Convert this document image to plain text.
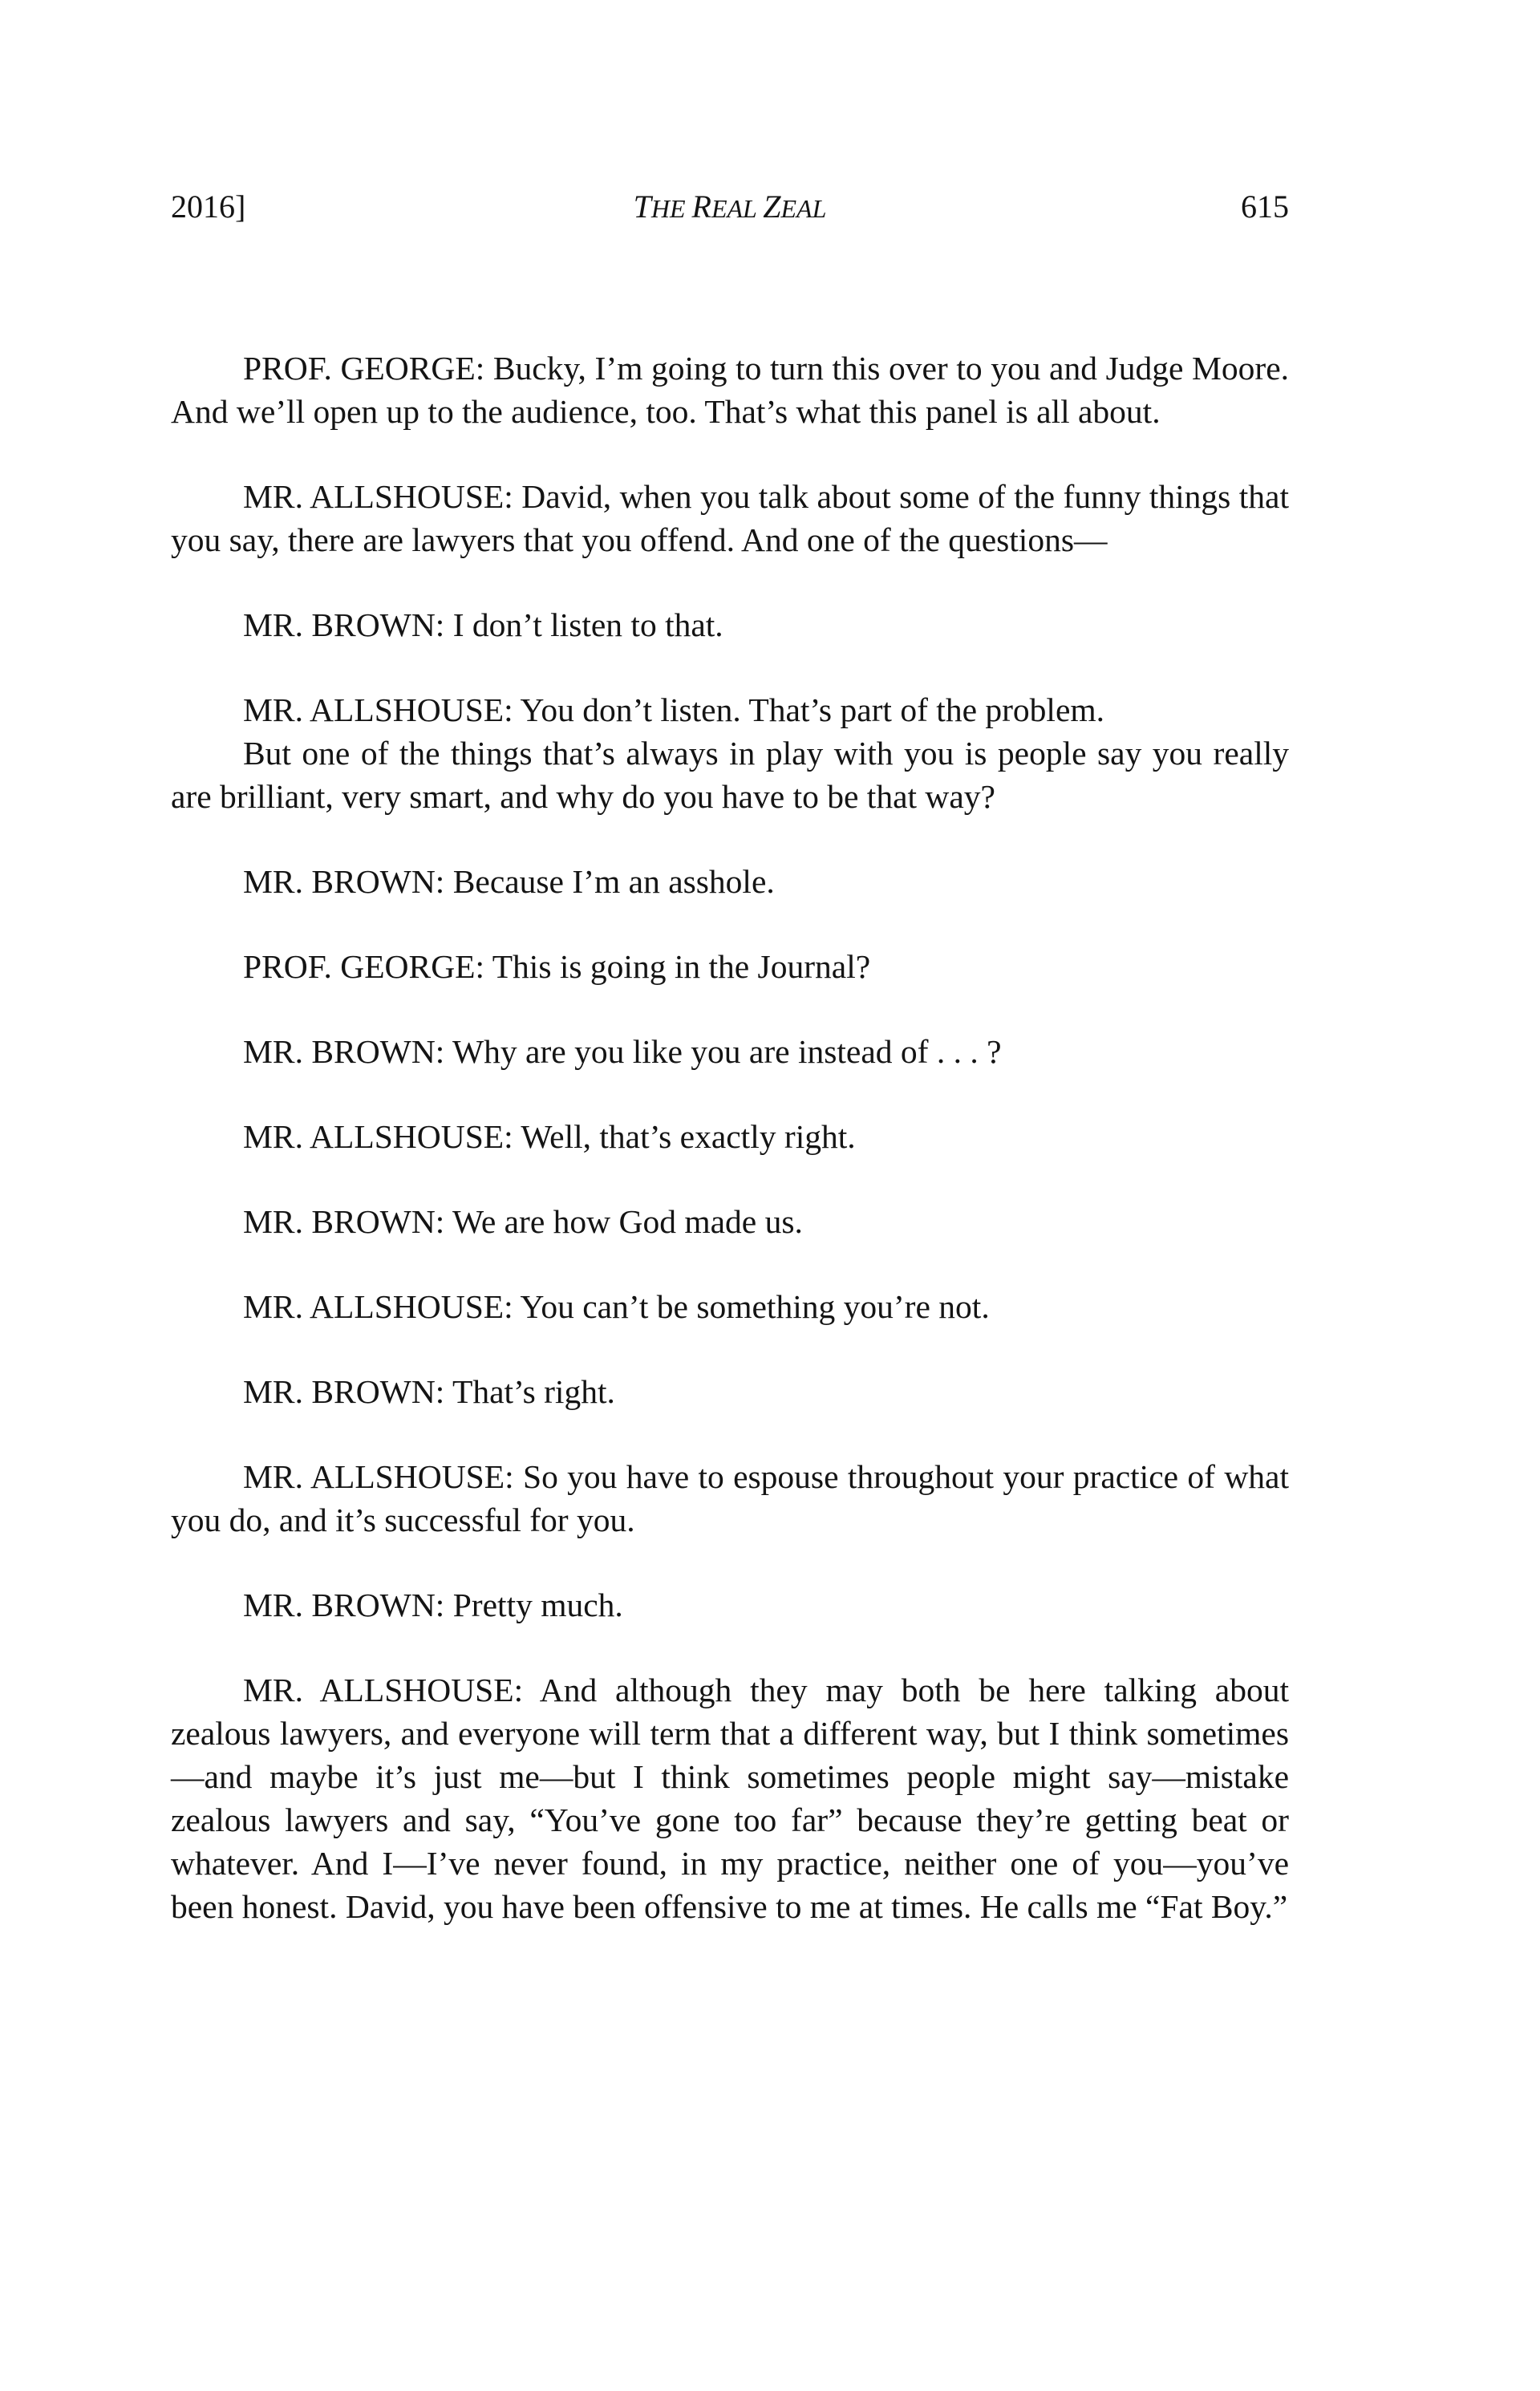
2016]	THE REAL ZEAL	615

PROF. GEORGE: Bucky, I’m going to turn this over to you and Judge Moore. And we’ll open up to the audience, too. That’s what this panel is all about.

MR. ALLSHOUSE: David, when you talk about some of the funny things that you say, there are lawyers that you offend. And one of the questions—

MR. BROWN: I don’t listen to that.

MR. ALLSHOUSE: You don’t listen. That’s part of the problem.

But one of the things that’s always in play with you is people say you really are brilliant, very smart, and why do you have to be that way?

MR. BROWN: Because I’m an asshole.

PROF. GEORGE: This is going in the Journal?

MR. BROWN: Why are you like you are instead of . . . ?

MR. ALLSHOUSE: Well, that’s exactly right.

MR. BROWN: We are how God made us.

MR. ALLSHOUSE: You can’t be something you’re not.

MR. BROWN: That’s right.

MR. ALLSHOUSE: So you have to espouse throughout your practice of what you do, and it’s successful for you.

MR. BROWN: Pretty much.

MR. ALLSHOUSE: And although they may both be here talking about zealous lawyers, and everyone will term that a different way, but I think sometimes—and maybe it’s just me—but I think sometimes people might say—mistake zealous lawyers and say, “You’ve gone too far” because they’re getting beat or whatever. And I—I’ve never found, in my practice, neither one of you—you’ve been honest. David, you have been offensive to me at times. He calls me “Fat Boy.”
